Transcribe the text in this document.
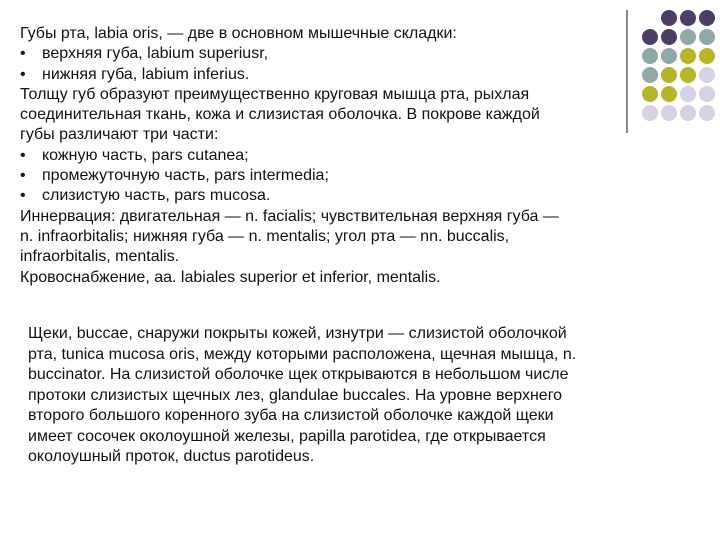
Губы рта, labia oris, — две в основном мышечные складки:
• верхняя губа, labium superiusr,
• нижняя губа, labium inferius.
Толщу губ образуют преимущественно круговая мышца рта, рыхлая
соединительная ткань, кожа и слизистая оболочка. В покрове каждой
губы различают три части:
• кожную часть, pars cutanea;
• промежуточную часть, pars intermedia;
• слизистую часть, pars mucosa.
Иннервация: двигательная — n. facialis; чувствительная верхняя губа —
n. infraorbitalis; нижняя губа — n. mentalis; угол рта — nn. buccalis,
infraorbitalis, mentalis.
Кровоснабжение, aa. labiales superior et inferior, mentalis.
Щеки, buccae, снаружи покрыты кожей, изнутри — слизистой оболочкой
рта, tunica mucosa oris, между которыми расположена, щечная мышца, n.
buccinator. На слизистой оболочке щек открываются в небольшом числе
протоки слизистых щечных лез, glandulae buccales. На уровне верхнего
второго большого коренного зуба на слизистой оболочке каждой щеки
имеет сосочек околоушной железы, papilla parotidea, где открывается
околоушный проток, ductus parotideus.
